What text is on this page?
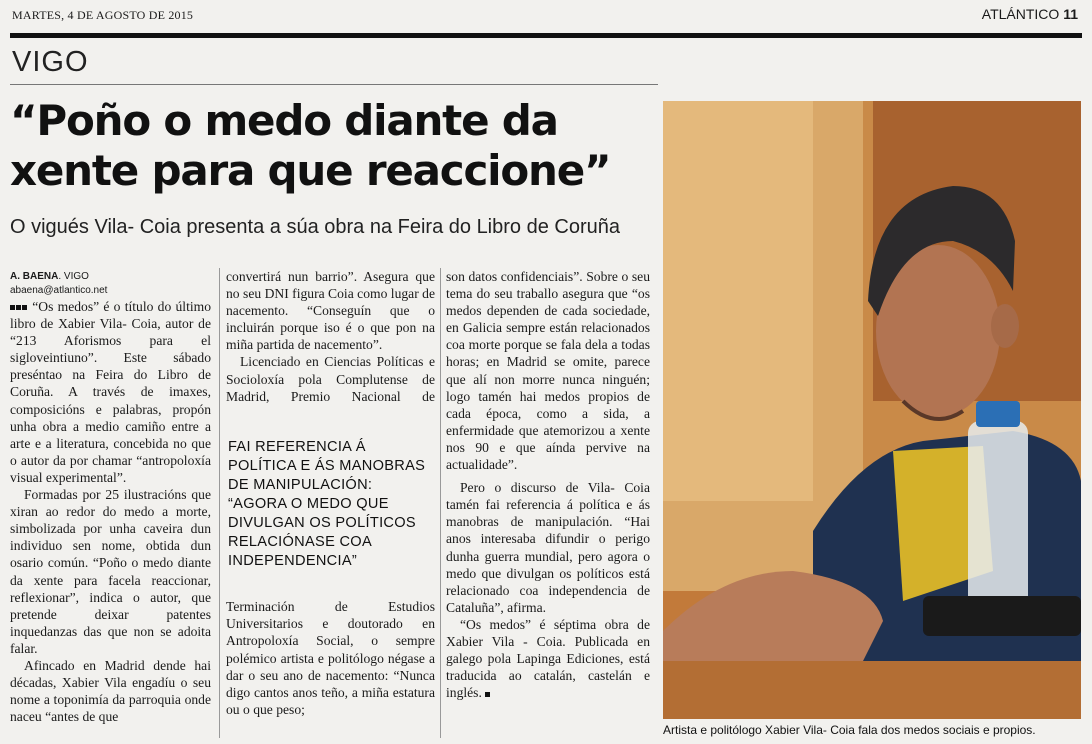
MARTES, 4 DE AGOSTO DE 2015	ATLÁNTICO 11
VIGO
“Poño o medo diante da
xente para que reaccione”
O vigués Vila- Coia presenta a súa obra na Feira do Libro de Coruña
A. BAENA. VIGO
abaena@atlantico.net

“Os medos” é o título do último libro de Xabier Vila- Coia, autor de “213 Aforismos para el sigloveintiuno”. Este sábado preséntao na Feira do Libro de Coruña. A través de imaxes, composicións e palabras, propón unha obra a medio camiño entre a arte e a literatura, concebida no que o autor da por chamar “antropoloxía visual experimental”.

Formadas por 25 ilustracións que xiran ao redor do medo a morte, simbolizada por unha caveira dun individuo sen nome, obtida dun osario común. “Poño o medo diante da xente para facela reaccionar, reflexionar”, indica o autor, que pretende deixar patentes inquedanzas das que non se adoita falar.

Afincado en Madrid dende hai décadas, Xabier Vila engadíu o seu nome a toponimía da parroquia onde naceu “antes de que

convertirá nun barrio”. Asegura que no seu DNI figura Coia como lugar de nacemento. “Conseguín que o incluirán porque iso é o que pon na miña partida de nacemento”.

Licenciado en Ciencias Políticas e Socioloxía pola Complutense de Madrid, Premio Nacional de

FAI REFERENCIA Á POLÍTICA E ÁS MANOBRAS DE MANIPULACIÓN: “AGORA O MEDO QUE DIVULGAN OS POLÍTICOS RELACIÓNASE COA INDEPENDENCIA”

son datos confidenciais”. Sobre o seu tema do seu traballo asegura que “os medos dependen de cada sociedade, en Galicia sempre están relacionados coa morte porque se fala dela a todas horas; en Madrid se omite, parece que alí non morre nunca ninguén; logo tamén hai medos propios de cada época, como a sida, a enfermidade que atemorizou a xente nos 90 e que aínda pervive na actualidade”.

Pero o discurso de Vila- Coia tamén fai referencia á política e ás manobras de manipulación. “Hai anos interesaba difundir o perigo dunha guerra mundial, pero agora o medo que divulgan os políticos está relacionado coa independencia de Cataluña”, afirma.

“Os medos” é séptima obra de Xabier Vila - Coia. Publicada en galego pola Lapinga Ediciones, está traducida ao catalán, castelán e inglés.

Artista e politólogo Xabier Vila- Coia fala dos medos sociais e propios.

Terminación de Estudios Universitarios e doutorado en Antropoloxía Social, o sempre polémico artista e politólogo négase a dar o seu ano de nacemento: “Nunca digo cantos anos teño, a miña estatura ou o que peso;
